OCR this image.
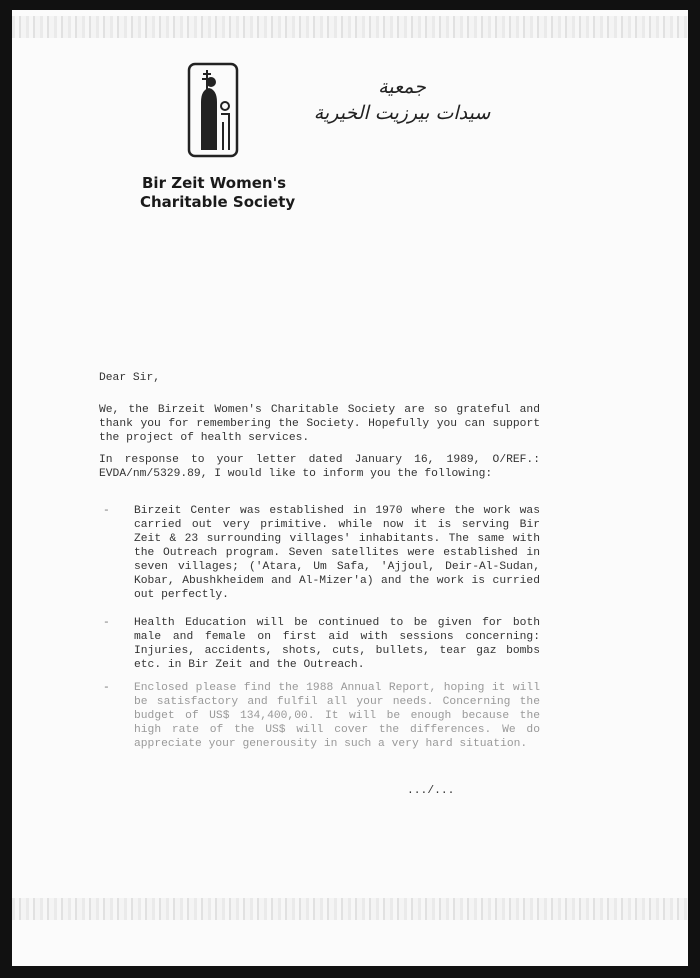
جمعية
سيدات بيرزيت الخيرية
Bir Zeit Women's
Charitable Society
Dear Sir,
We, the Birzeit Women's Charitable Society are so grateful and thank you for remembering the Society. Hopefully you can support the project of health services.
In response to your letter dated January 16, 1989, O/REF.: EVDA/nm/5329.89, I would like to inform you the following:
- Birzeit Center was established in 1970 where the work was carried out very primitive. while now it is serving Bir Zeit & 23 surrounding villages' inhabitants. The same with the Outreach program. Seven satellites were established in seven villages; ('Atara, Um Safa, 'Ajjoul, Deir-Al-Sudan, Kobar, Abushkheidem and Al-Mizer'a) and the work is curried out perfectly.
- Health Education will be continued to be given for both male and female on first aid with sessions concerning: Injuries, accidents, shots, cuts, bullets, tear gaz bombs etc. in Bir Zeit and the Outreach.
- Enclosed please find the 1988 Annual Report, hoping it will be satisfactory and fulfil all your needs. Concerning the budget of US$ 134,400,00. It will be enough because the high rate of the US$ will cover the differences. We do appreciate your generousity in such a very hard situation.
.../...
